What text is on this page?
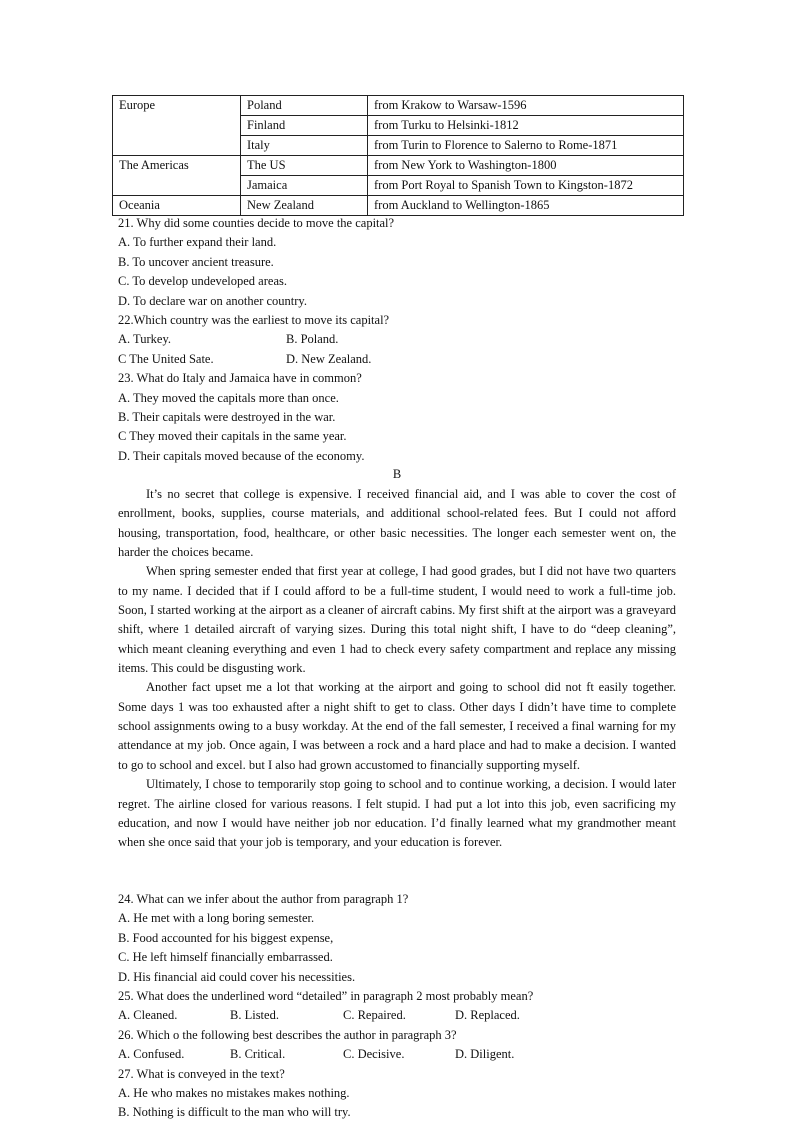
Europe	Poland	from Krakow to Warsaw-1596
	Finland	from Turku to Helsinki-1812
	Italy	from Turin to Florence to Salerno to Rome-1871
The Americas	The US	from New York to Washington-1800
	Jamaica	from Port Royal to Spanish Town to Kingston-1872
Oceania	New Zealand	from Auckland to Wellington-1865
21. Why did some counties decide to move the capital?
A. To further expand their land.
B. To uncover ancient treasure.
C. To develop undeveloped areas.
D. To declare war on another country.
22.Which country was the earliest to move its capital?
A. Turkey.	B. Poland.
C The United Sate.	D. New Zealand.
23. What do Italy and Jamaica have in common?
A. They moved the capitals more than once.
B. Their capitals were destroyed in the war.
C They moved their capitals in the same year.
D. Their capitals moved because of the economy.
B

It’s no secret that college is expensive. I received financial aid, and I was able to cover the cost of enrollment, books, supplies, course materials, and additional school-related fees. But I could not afford housing, transportation, food, healthcare, or other basic necessities. The longer each semester went on, the harder the choices became.

When spring semester ended that first year at college, I had good grades, but I did not have two quarters to my name. I decided that if I could afford to be a full-time student, I would need to work a full-time job. Soon, I started working at the airport as a cleaner of aircraft cabins. My first shift at the airport was a graveyard shift, where 1 detailed aircraft of varying sizes. During this total night shift, I have to do “deep cleaning”, which meant cleaning everything and even 1 had to check every safety compartment and replace any missing items. This could be disgusting work.

Another fact upset me a lot that working at the airport and going to school did not ft easily together. Some days 1 was too exhausted after a night shift to get to class. Other days I didn’t have time to complete school assignments owing to a busy workday. At the end of the fall semester, I received a final warning for my attendance at my job. Once again, I was between a rock and a hard place and had to make a decision. I wanted to go to school and excel. but I also had grown accustomed to financially supporting myself.

Ultimately, I chose to temporarily stop going to school and to continue working, a decision. I would later regret. The airline closed for various reasons. I felt stupid. I had put a lot into this job, even sacrificing my education, and now I would have neither job nor education. I’d finally learned what my grandmother meant when she once said that your job is temporary, and your education is forever.

24. What can we infer about the author from paragraph 1?
A. He met with a long boring semester.
B. Food accounted for his biggest expense,
C. He left himself financially embarrassed.
D. His financial aid could cover his necessities.
25. What does the underlined word “detailed” in paragraph 2 most probably mean?
A. Cleaned.	B. Listed.	C. Repaired.	D. Replaced.
26. Which o the following best describes the author in paragraph 3?
A. Confused.	B. Critical.	C. Decisive.	D. Diligent.
27. What is conveyed in the text?
A. He who makes no mistakes makes nothing.
B. Nothing is difficult to the man who will try.
